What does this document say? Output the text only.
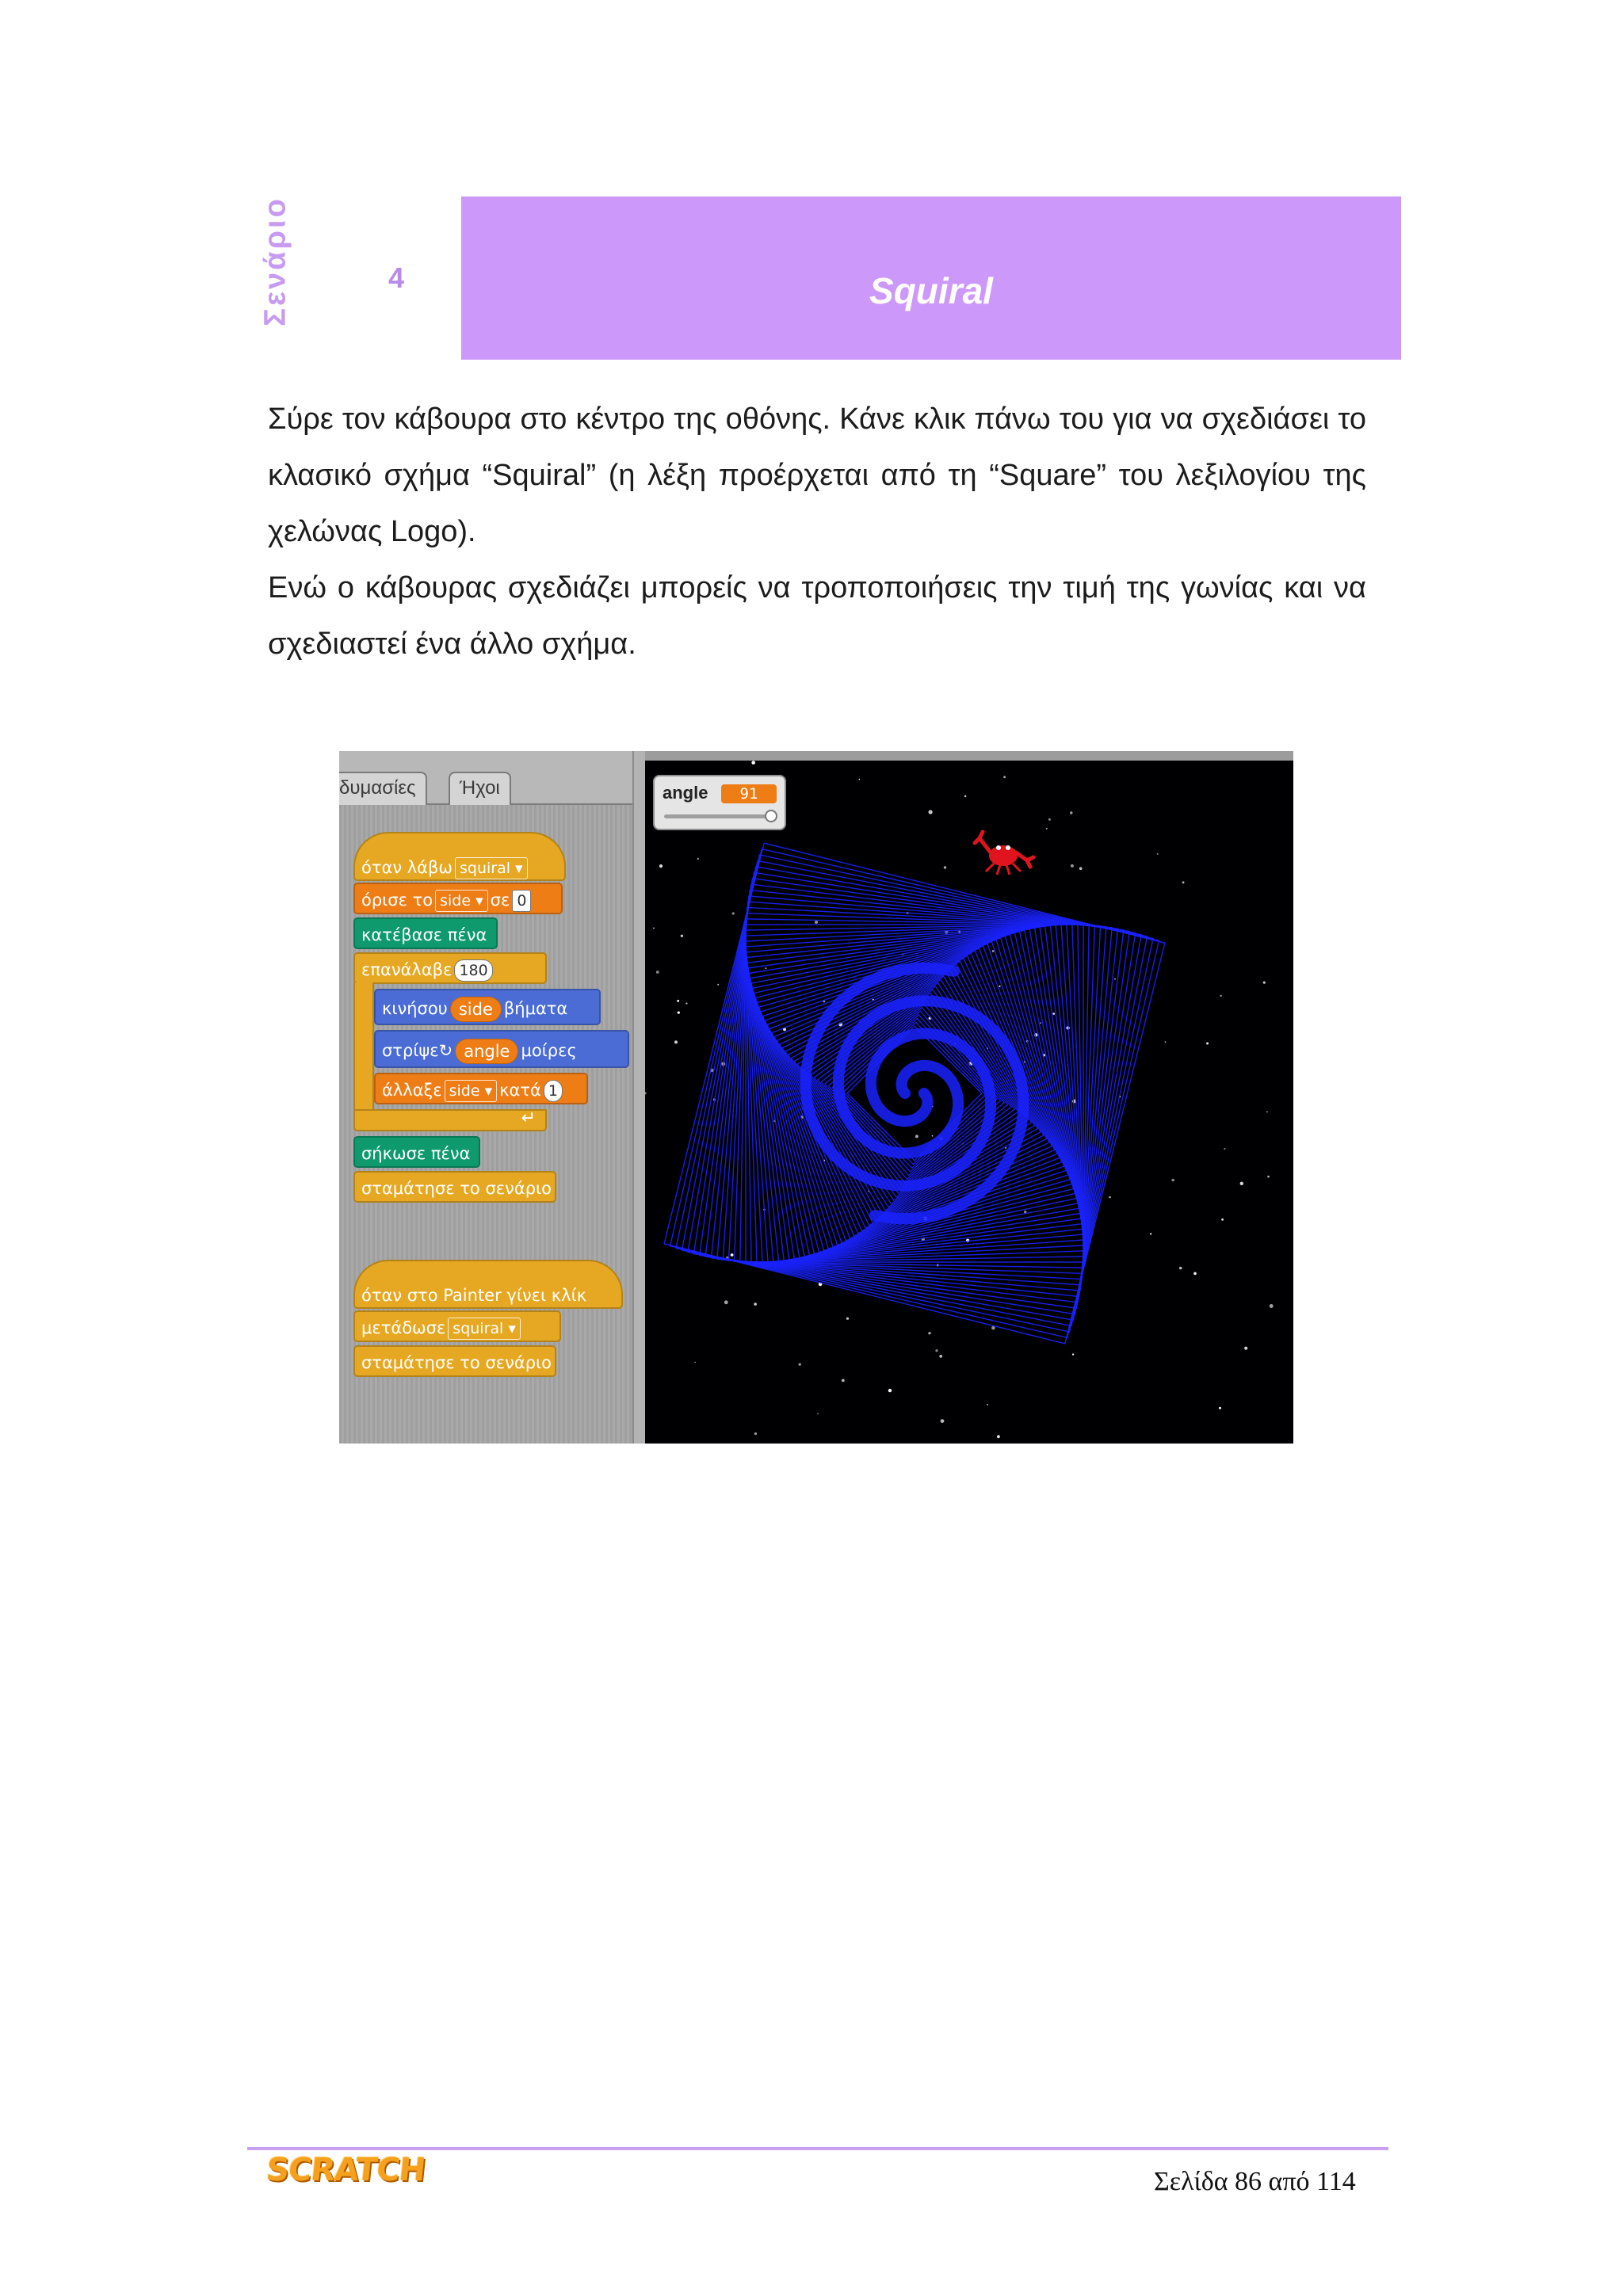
Σενάριο	4	Squiral

Σύρε τον κάβουρα στο κέντρο της οθόνης. Κάνε κλικ πάνω του για να σχεδιάσει το κλασικό σχήμα “Squiral” (η λέξη προέρχεται από τη “Square” του λεξιλογίου της χελώνας Logo).

Ενώ ο κάβουρας σχεδιάζει μπορείς να τροποποιήσεις την τιμή της γωνίας και να σχεδιαστεί ένα άλλο σχήμα.

δυμασίες	Ήχοι
όταν λάβω squiral ▾
όρισε το side ▾ σε 0
κατέβασε πένα
επανάλαβε 180
κινήσου side βήματα
στρίψε↻ angle μοίρες
άλλαξε side ▾ κατά 1
↵
σήκωσε πένα
σταμάτησε το σενάριο
όταν στο Painter γίνει κλίκ
μετάδωσε squiral ▾
σταμάτησε το σενάριο
angle	91
SCRATCH	Σελίδα 86 από 114
